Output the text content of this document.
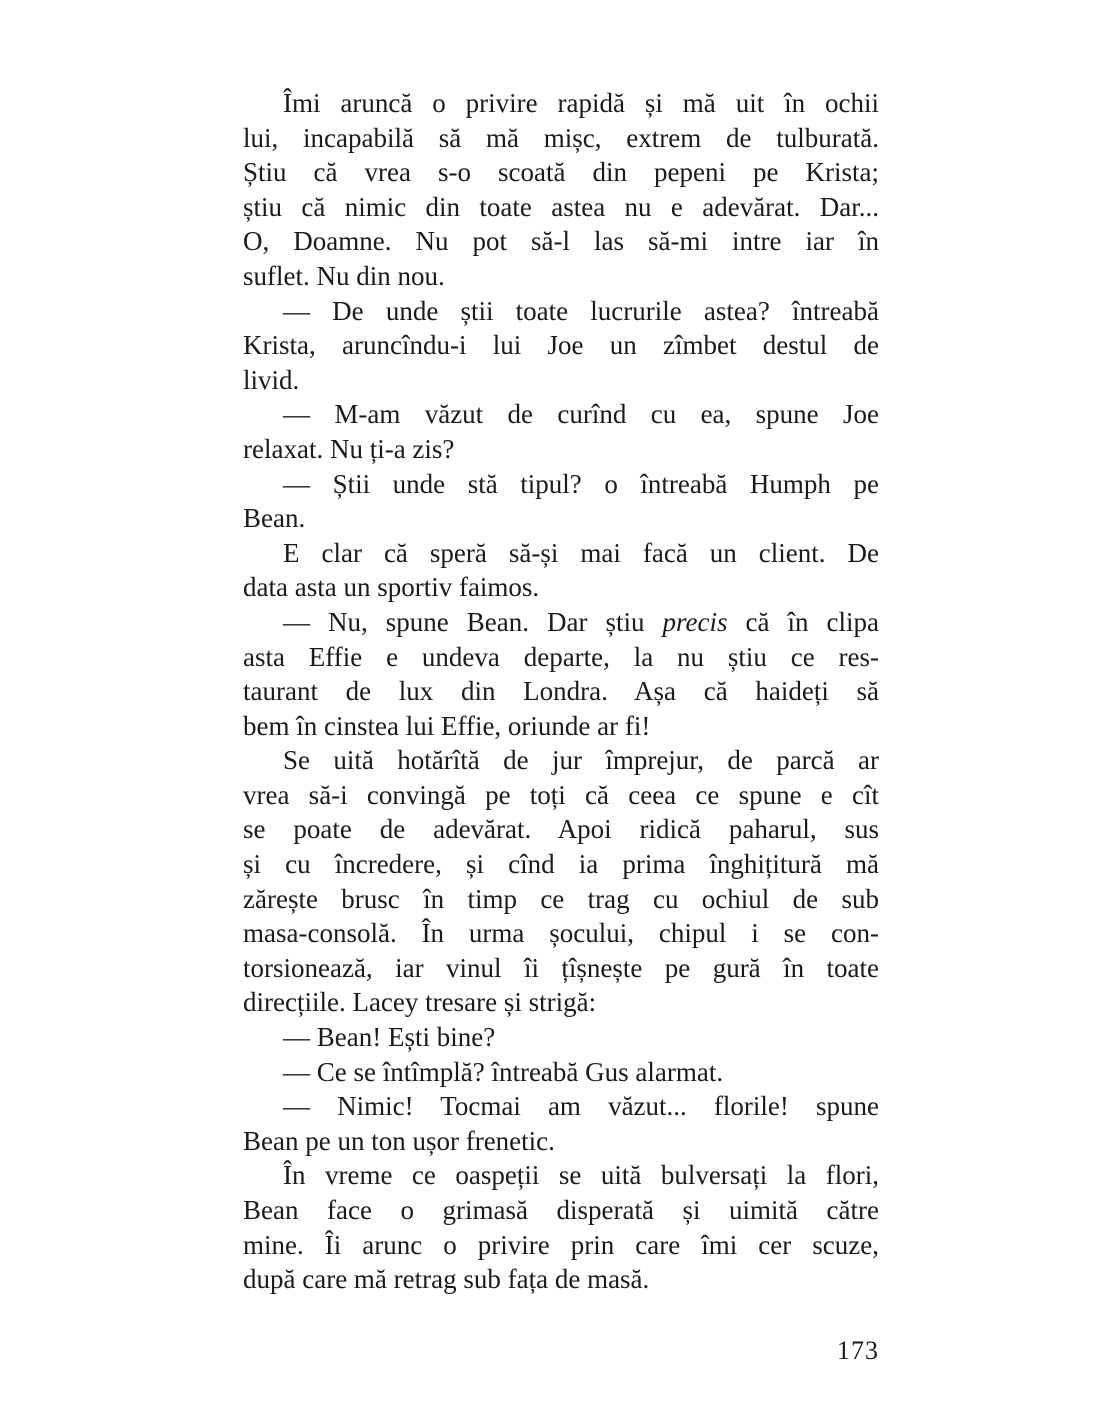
Îmi aruncă o privire rapidă și mă uit în ochii
lui, incapabilă să mă mișc, extrem de tulburată.
Știu că vrea s-o scoată din pepeni pe Krista;
știu că nimic din toate astea nu e adevărat. Dar...
O, Doamne. Nu pot să-l las să-mi intre iar în
suflet. Nu din nou.
— De unde știi toate lucrurile astea? întreabă
Krista, aruncîndu-i lui Joe un zîmbet destul de
livid.
— M-am văzut de curînd cu ea, spune Joe
relaxat. Nu ți-a zis?
— Știi unde stă tipul? o întreabă Humph pe
Bean.
E clar că speră să-și mai facă un client. De
data asta un sportiv faimos.
— Nu, spune Bean. Dar știu precis că în clipa
asta Effie e undeva departe, la nu știu ce res-
taurant de lux din Londra. Așa că haideți să
bem în cinstea lui Effie, oriunde ar fi!
Se uită hotărîtă de jur împrejur, de parcă ar
vrea să-i convingă pe toți că ceea ce spune e cît
se poate de adevărat. Apoi ridică paharul, sus
și cu încredere, și cînd ia prima înghițitură mă
zărește brusc în timp ce trag cu ochiul de sub
masa-consolă. În urma șocului, chipul i se con-
torsionează, iar vinul îi țîșnește pe gură în toate
direcțiile. Lacey tresare și strigă:
— Bean! Ești bine?
— Ce se întîmplă? întreabă Gus alarmat.
— Nimic! Tocmai am văzut... florile! spune
Bean pe un ton ușor frenetic.
În vreme ce oaspeții se uită bulversați la flori,
Bean face o grimasă disperată și uimită către
mine. Îi arunc o privire prin care îmi cer scuze,
după care mă retrag sub fața de masă.
173
